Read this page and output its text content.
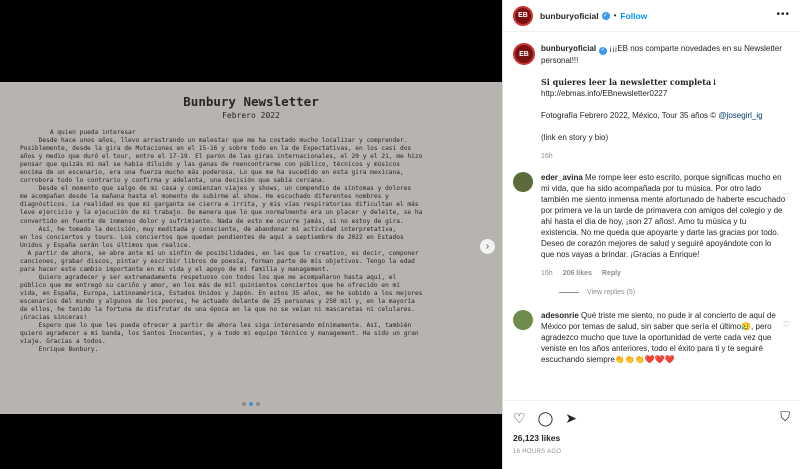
Bunbury Newsletter
Febrero 2022
A quien pueda interesar
Desde hace unos años, llevo arrastrando un malestar que me ha costado mucho localizar y comprender.
Posiblemente, desde la gira de Mutaciones en el 15-16 y sobre todo en la de Expectativas, en los casi dos
años y medio que duró el tour, entre el 17-19. El parón de las giras internacionales, el 20 y el 21, me hizo
pensar que quizás mi mal se había diluido y las ganas de reencontrarme con público, técnicos y músicos
encima de un escenario, era una fuerza mucho más poderosa. Lo que me ha sucedido en esta gira mexicana,
corrobora todo lo contrario y confirma y adelanta, una decisión que sabía cercana.
Desde el momento que salgo de mi casa y comienzan viajes y shows, un compendio de síntomas y dolores
me acompañan desde la mañana hasta el momento de subirme al show. He escuchado diferentes nombres y
diagnósticos. La realidad es que mi garganta se cierra e irrita, y mis vías respiratorias dificultan el más
leve ejercicio y la ejecución de mi trabajo. De manera que lo que normalmente era un placer y deleite, se ha
convertido en fuente de inmenso dolor y sufrimiento. Nada de esto me ocurre jamás, si no estoy de gira.
Así, he tomado la decisión, muy meditada y consciente, de abandonar mi actividad interpretativa,
en los conciertos y tours. Los conciertos que quedan pendientes de aquí a septiembre de 2022 en Estados
Unidos y España serán los últimos que realice.
A partir de ahora, se abre ante mí un sinfín de posibilidades, en las que lo creativo, es decir, componer
canciones, grabar discos, pintar y escribir libros de poesía, forman parte de mis objetivos. Tengo la edad
para hacer este cambio importante en mi vida y el apoyo de mi familia y management.
Quiero agradecer y ser extremadamente respetuoso con todos los que me acompañaron hasta aquí, el
público que me entregó su cariño y amor, en los más de mil quinientos conciertos que he ofrecido en mi
vida, en España, Europa, Latinoamérica, Estados Unidos y Japón. En estos 35 años, me he subido a los mejores
escenarios del mundo y algunos de los peores, he actuado delante de 25 personas y 250 mil y, en la mayoría
de ellos, he tenido la fortuna de disfrutar de una época en la que no se veían ni mascaretas ni celulares.
¡Gracias sinceras!
Espero que lo que les pueda ofrecer a partir de ahora les siga interesando mínimamente. Así, también
quiero agradecer a mi banda, los Santos Inocentes, y a todo mi equipo técnico y management. Ha sido un gran
viaje. Gracias a todos.
Enrique Bunbury.
›
EB bunburyoficial ✓ • Follow	•••
EB
bunburyoficial ✓ ¡¡¡EB nos comparte novedades en su Newsletter personal!!!
Si quieres leer la newsletter completa↓
http://ebmas.info/EBnewsletter0227
Fotografía Febrero 2022, México, Tour 35 años © @josegirl_ig
(link en story y bio)
16h
eder_avina Me rompe leer esto escrito, porque significas mucho en mi vida, que ha sido acompañada por tu música. Por otro lado también me siento inmensa mente afortunado de haberte escuchado por primera ve la un tarde de primavera con amigos del colegio y de ahí hasta el día de hoy, ¡son 27 años!. Amo tu música y tu existencia. No me queda que apoyarte y darte las gracias por todo. Deseo de corazón mejores de salud y seguiré apoyándote con lo que nos vayas a brindar. ¡Gracias a Enrique!
16h 206 likes Reply
♡
View replies (5)
adesonrie Qué triste me siento, no pude ir al concierto de aquí de México por temas de salud, sin saber que sería el último😥, pero agradezco mucho que tuve la oportunidad de verte cada vez que veniste en los años anteriores, todo el éxito para ti y te seguiré escuchando siempre👏👏👏❤️❤️❤️
♡
♡ ◯ ➤	⛉
26,123 likes
16 HOURS AGO
